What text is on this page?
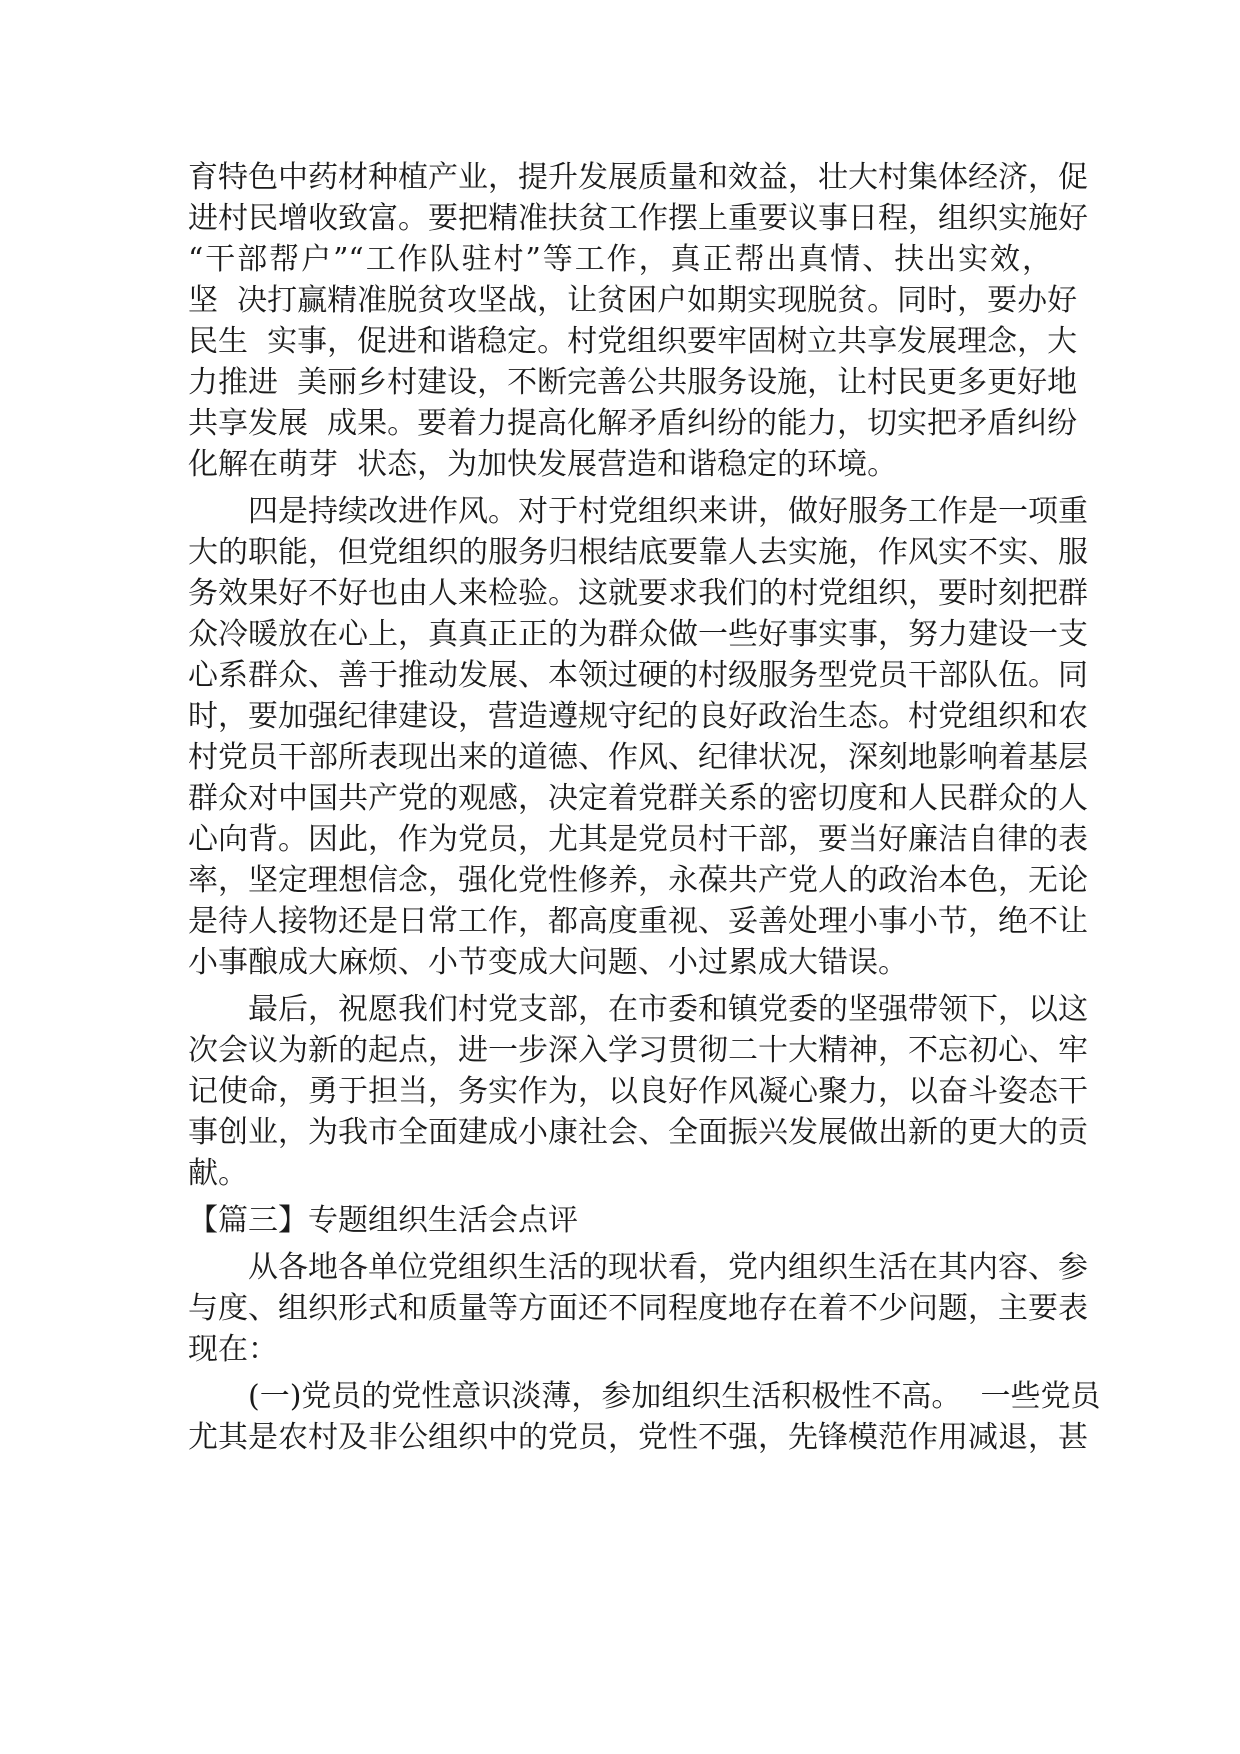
育特色中药材种植产业，提升发展质量和效益，壮大村集体经济，促
进村民增收致富。要把精准扶贫工作摆上重要议事日程，组织实施好
“干部帮户”“工作队驻村”等工作，真正帮出真情、扶出实效，
坚  决打赢精准脱贫攻坚战，让贫困户如期实现脱贫。同时，要办好
民生  实事，促进和谐稳定。村党组织要牢固树立共享发展理念，大
力推进  美丽乡村建设，不断完善公共服务设施，让村民更多更好地
共享发展  成果。要着力提高化解矛盾纠纷的能力，切实把矛盾纠纷
化解在萌芽  状态，为加快发展营造和谐稳定的环境。
四是持续改进作风。对于村党组织来讲，做好服务工作是一项重
大的职能，但党组织的服务归根结底要靠人去实施，作风实不实、服
务效果好不好也由人来检验。这就要求我们的村党组织，要时刻把群
众冷暖放在心上，真真正正的为群众做一些好事实事，努力建设一支
心系群众、善于推动发展、本领过硬的村级服务型党员干部队伍。同
时，要加强纪律建设，营造遵规守纪的良好政治生态。村党组织和农
村党员干部所表现出来的道德、作风、纪律状况，深刻地影响着基层
群众对中国共产党的观感，决定着党群关系的密切度和人民群众的人
心向背。因此，作为党员，尤其是党员村干部，要当好廉洁自律的表
率，坚定理想信念，强化党性修养，永葆共产党人的政治本色，无论
是待人接物还是日常工作，都高度重视、妥善处理小事小节，绝不让
小事酿成大麻烦、小节变成大问题、小过累成大错误。
最后，祝愿我们村党支部，在市委和镇党委的坚强带领下，以这
次会议为新的起点，进一步深入学习贯彻二十大精神，不忘初心、牢
记使命，勇于担当，务实作为，以良好作风凝心聚力，以奋斗姿态干
事创业，为我市全面建成小康社会、全面振兴发展做出新的更大的贡
献。
【篇三】专题组织生活会点评
从各地各单位党组织生活的现状看，党内组织生活在其内容、参
与度、组织形式和质量等方面还不同程度地存在着不少问题，主要表
现在：
(一)党员的党性意识淡薄，参加组织生活积极性不高。  一些党员
尤其是农村及非公组织中的党员，党性不强，先锋模范作用减退，甚
